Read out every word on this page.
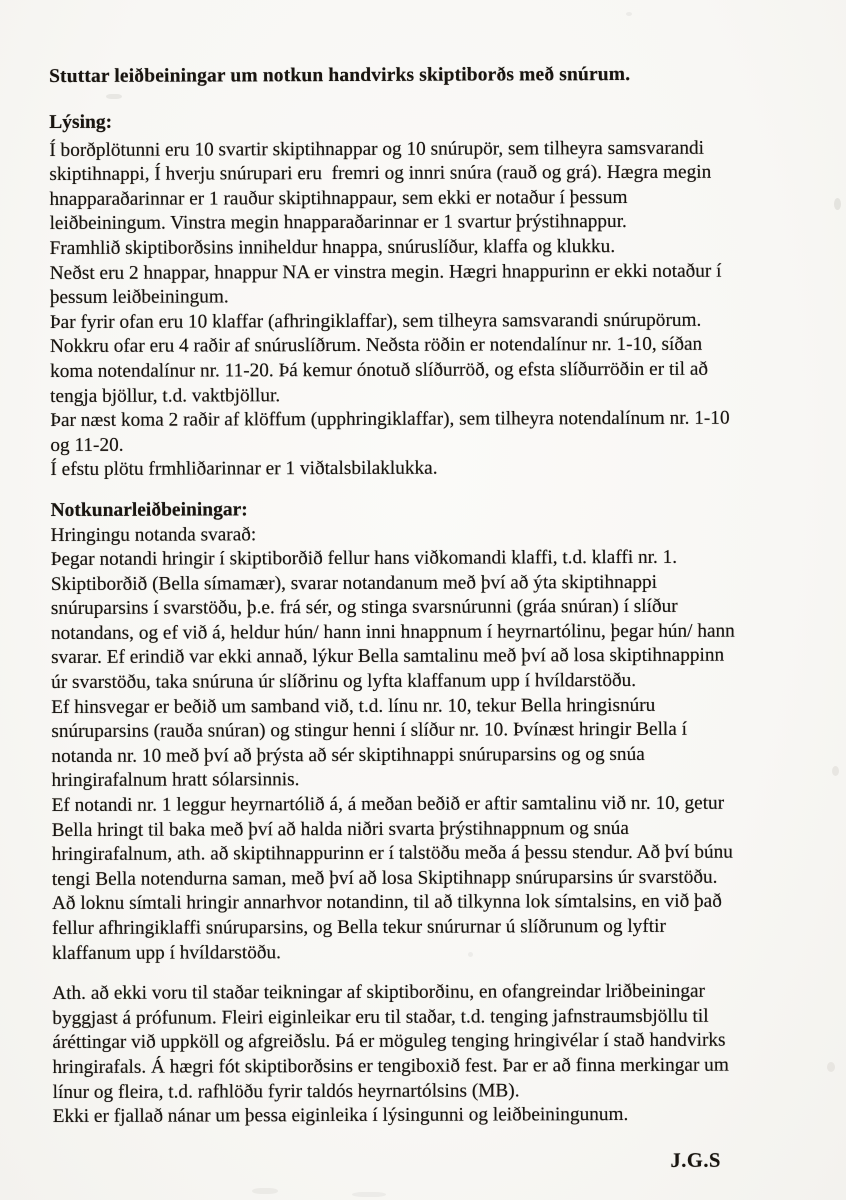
Stuttar leiðbeiningar um notkun handvirks skiptiborðs með snúrum.
Lýsing:
Í borðplötunni eru 10 svartir skiptihnappar og 10 snúrupör, sem tilheyra samsvarandi
skiptihnappi, Í hverju snúrupari eru  fremri og innri snúra (rauð og grá). Hægra megin
hnapparaðarinnar er 1 rauður skiptihnappaur, sem ekki er notaður í þessum
leiðbeiningum. Vinstra megin hnapparaðarinnar er 1 svartur þrýstihnappur.
Framhlið skiptiborðsins inniheldur hnappa, snúruslíður, klaffa og klukku.
Neðst eru 2 hnappar, hnappur NA er vinstra megin. Hægri hnappurinn er ekki notaður í
þessum leiðbeiningum.
Þar fyrir ofan eru 10 klaffar (afhringiklaffar), sem tilheyra samsvarandi snúrupörum.
Nokkru ofar eru 4 raðir af snúruslíðrum. Neðsta röðin er notendalínur nr. 1-10, síðan
koma notendalínur nr. 11-20. Þá kemur ónotuð slíðurröð, og efsta slíðurröðin er til að
tengja bjöllur, t.d. vaktbjöllur.
Þar næst koma 2 raðir af klöffum (upphringiklaffar), sem tilheyra notendalínum nr. 1-10
og 11-20.
Í efstu plötu frmhliðarinnar er 1 viðtalsbilaklukka.
Notkunarleiðbeiningar:
Hringingu notanda svarað:
Þegar notandi hringir í skiptiborðið fellur hans viðkomandi klaffi, t.d. klaffi nr. 1.
Skiptiborðið (Bella símamær), svarar notandanum með því að ýta skiptihnappi
snúruparsins í svarstöðu, þ.e. frá sér, og stinga svarsnúrunni (gráa snúran) í slíður
notandans, og ef við á, heldur hún/ hann inni hnappnum í heyrnartólinu, þegar hún/ hann
svarar. Ef erindið var ekki annað, lýkur Bella samtalinu með því að losa skiptihnappinn
úr svarstöðu, taka snúruna úr slíðrinu og lyfta klaffanum upp í hvíldarstöðu.
Ef hinsvegar er beðið um samband við, t.d. línu nr. 10, tekur Bella hringisnúru
snúruparsins (rauða snúran) og stingur henni í slíður nr. 10. Þvínæst hringir Bella í
notanda nr. 10 með því að þrýsta að sér skiptihnappi snúruparsins og og snúa
hringirafalnum hratt sólarsinnis.
Ef notandi nr. 1 leggur heyrnartólið á, á meðan beðið er aftir samtalinu við nr. 10, getur
Bella hringt til baka með því að halda niðri svarta þrýstihnappnum og snúa
hringirafalnum, ath. að skiptihnappurinn er í talstöðu meða á þessu stendur. Að því búnu
tengi Bella notendurna saman, með því að losa Skiptihnapp snúruparsins úr svarstöðu.
Að loknu símtali hringir annarhvor notandinn, til að tilkynna lok símtalsins, en við það
fellur afhringiklaffi snúruparsins, og Bella tekur snúrurnar ú slíðrunum og lyftir
klaffanum upp í hvíldarstöðu.
Ath. að ekki voru til staðar teikningar af skiptiborðinu, en ofangreindar lriðbeiningar
byggjast á prófunum. Fleiri eiginleikar eru til staðar, t.d. tenging jafnstraumsbjöllu til
áréttingar við uppköll og afgreiðslu. Þá er möguleg tenging hringivélar í stað handvirks
hringirafals. Á hægri fót skiptiborðsins er tengiboxið fest. Þar er að finna merkingar um
línur og fleira, t.d. rafhlöðu fyrir taldós heyrnartólsins (MB).
Ekki er fjallað nánar um þessa eiginleika í lýsingunni og leiðbeiningunum.
J.G.S
